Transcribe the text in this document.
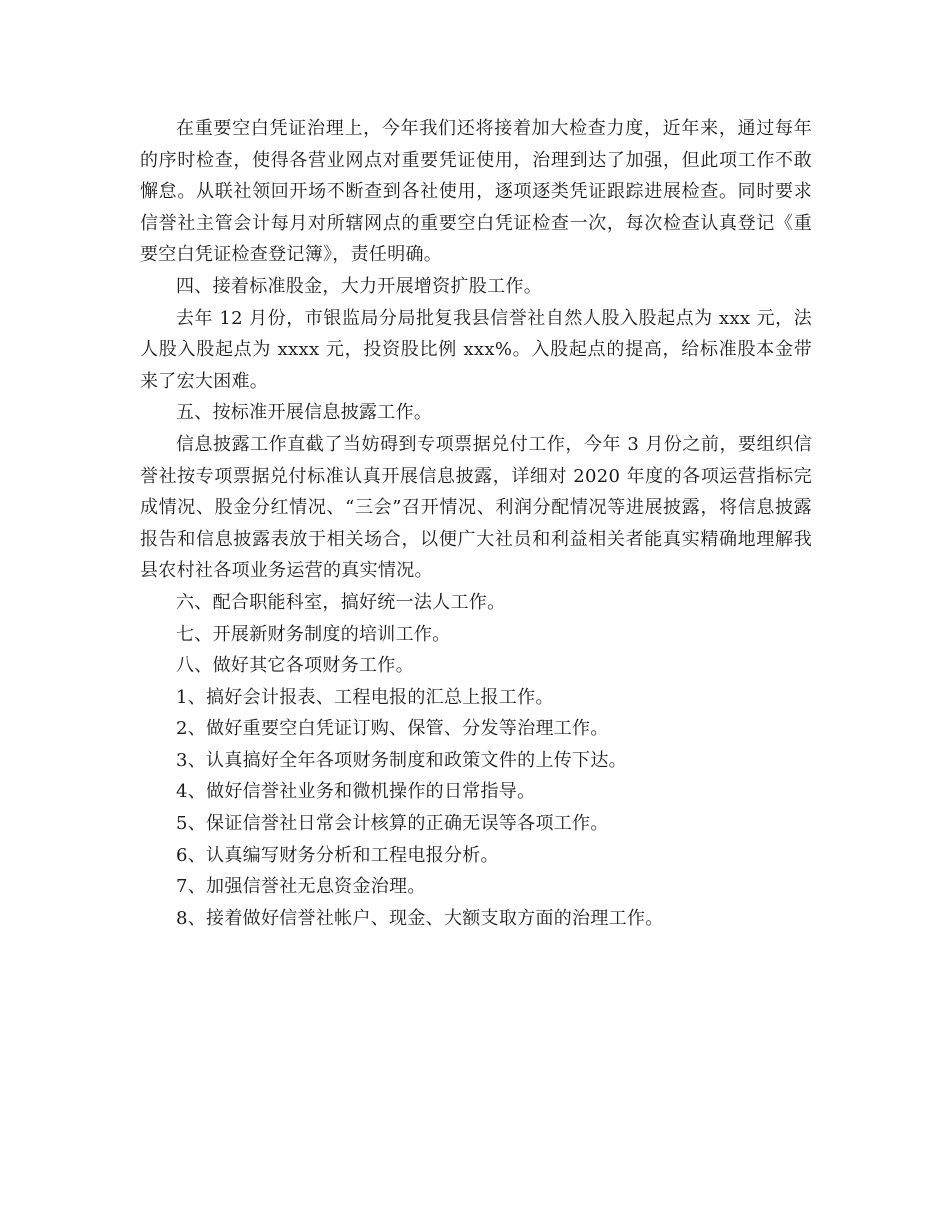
在重要空白凭证治理上，今年我们还将接着加大检查力度，近年来，通过每年的序时检查，使得各营业网点对重要凭证使用，治理到达了加强，但此项工作不敢懈怠。从联社领回开场不断查到各社使用，逐项逐类凭证跟踪进展检查。同时要求信誉社主管会计每月对所辖网点的重要空白凭证检查一次，每次检查认真登记《重要空白凭证检查登记簿》，责任明确。

四、接着标准股金，大力开展增资扩股工作。

去年 12 月份，市银监局分局批复我县信誉社自然人股入股起点为 xxx 元，法人股入股起点为 xxxx 元，投资股比例 xxx%。入股起点的提高，给标准股本金带来了宏大困难。

五、按标准开展信息披露工作。

信息披露工作直截了当妨碍到专项票据兑付工作，今年 3 月份之前，要组织信誉社按专项票据兑付标准认真开展信息披露，详细对 2020 年度的各项运营指标完成情况、股金分红情况、“三会”召开情况、利润分配情况等进展披露，将信息披露报告和信息披露表放于相关场合，以便广大社员和利益相关者能真实精确地理解我县农村社各项业务运营的真实情况。

六、配合职能科室，搞好统一法人工作。

七、开展新财务制度的培训工作。

八、做好其它各项财务工作。

1、搞好会计报表、工程电报的汇总上报工作。

2、做好重要空白凭证订购、保管、分发等治理工作。

3、认真搞好全年各项财务制度和政策文件的上传下达。

4、做好信誉社业务和微机操作的日常指导。

5、保证信誉社日常会计核算的正确无误等各项工作。

6、认真编写财务分析和工程电报分析。

7、加强信誉社无息资金治理。

8、接着做好信誉社帐户、现金、大额支取方面的治理工作。
